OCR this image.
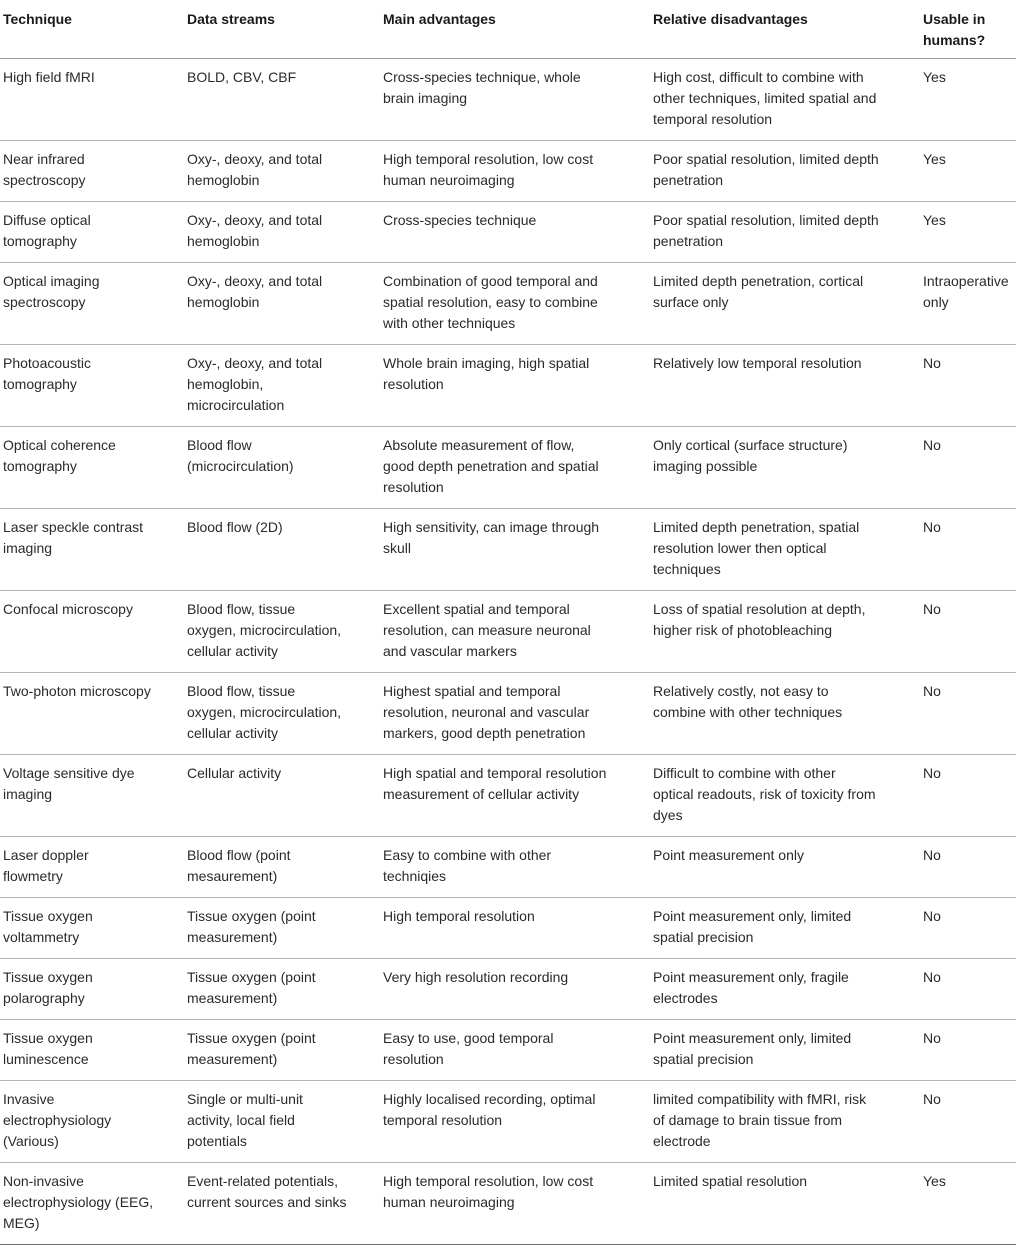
Technique	Data streams	Main advantages	Relative disadvantages	Usable in
humans?
High field fMRI	BOLD, CBV, CBF	Cross-species technique, whole
brain imaging	High cost, difficult to combine with
other techniques, limited spatial and
temporal resolution	Yes
Near infrared
spectroscopy	Oxy-, deoxy, and total
hemoglobin	High temporal resolution, low cost
human neuroimaging	Poor spatial resolution, limited depth
penetration	Yes
Diffuse optical
tomography	Oxy-, deoxy, and total
hemoglobin	Cross-species technique	Poor spatial resolution, limited depth
penetration	Yes
Optical imaging
spectroscopy	Oxy-, deoxy, and total
hemoglobin	Combination of good temporal and
spatial resolution, easy to combine
with other techniques	Limited depth penetration, cortical
surface only	Intraoperative
only
Photoacoustic
tomography	Oxy-, deoxy, and total
hemoglobin,
microcirculation	Whole brain imaging, high spatial
resolution	Relatively low temporal resolution	No
Optical coherence
tomography	Blood flow
(microcirculation)	Absolute measurement of flow,
good depth penetration and spatial
resolution	Only cortical (surface structure)
imaging possible	No
Laser speckle contrast
imaging	Blood flow (2D)	High sensitivity, can image through
skull	Limited depth penetration, spatial
resolution lower then optical
techniques	No
Confocal microscopy	Blood flow, tissue
oxygen, microcirculation,
cellular activity	Excellent spatial and temporal
resolution, can measure neuronal
and vascular markers	Loss of spatial resolution at depth,
higher risk of photobleaching	No
Two-photon microscopy	Blood flow, tissue
oxygen, microcirculation,
cellular activity	Highest spatial and temporal
resolution, neuronal and vascular
markers, good depth penetration	Relatively costly, not easy to
combine with other techniques	No
Voltage sensitive dye
imaging	Cellular activity	High spatial and temporal resolution
measurement of cellular activity	Difficult to combine with other
optical readouts, risk of toxicity from
dyes	No
Laser doppler
flowmetry	Blood flow (point
mesaurement)	Easy to combine with other
techniqies	Point measurement only	No
Tissue oxygen
voltammetry	Tissue oxygen (point
measurement)	High temporal resolution	Point measurement only, limited
spatial precision	No
Tissue oxygen
polarography	Tissue oxygen (point
measurement)	Very high resolution recording	Point measurement only, fragile
electrodes	No
Tissue oxygen
luminescence	Tissue oxygen (point
measurement)	Easy to use, good temporal
resolution	Point measurement only, limited
spatial precision	No
Invasive
electrophysiology
(Various)	Single or multi-unit
activity, local field
potentials	Highly localised recording, optimal
temporal resolution	limited compatibility with fMRI, risk
of damage to brain tissue from
electrode	No
Non-invasive
electrophysiology (EEG,
MEG)	Event-related potentials,
current sources and sinks	High temporal resolution, low cost
human neuroimaging	Limited spatial resolution	Yes
